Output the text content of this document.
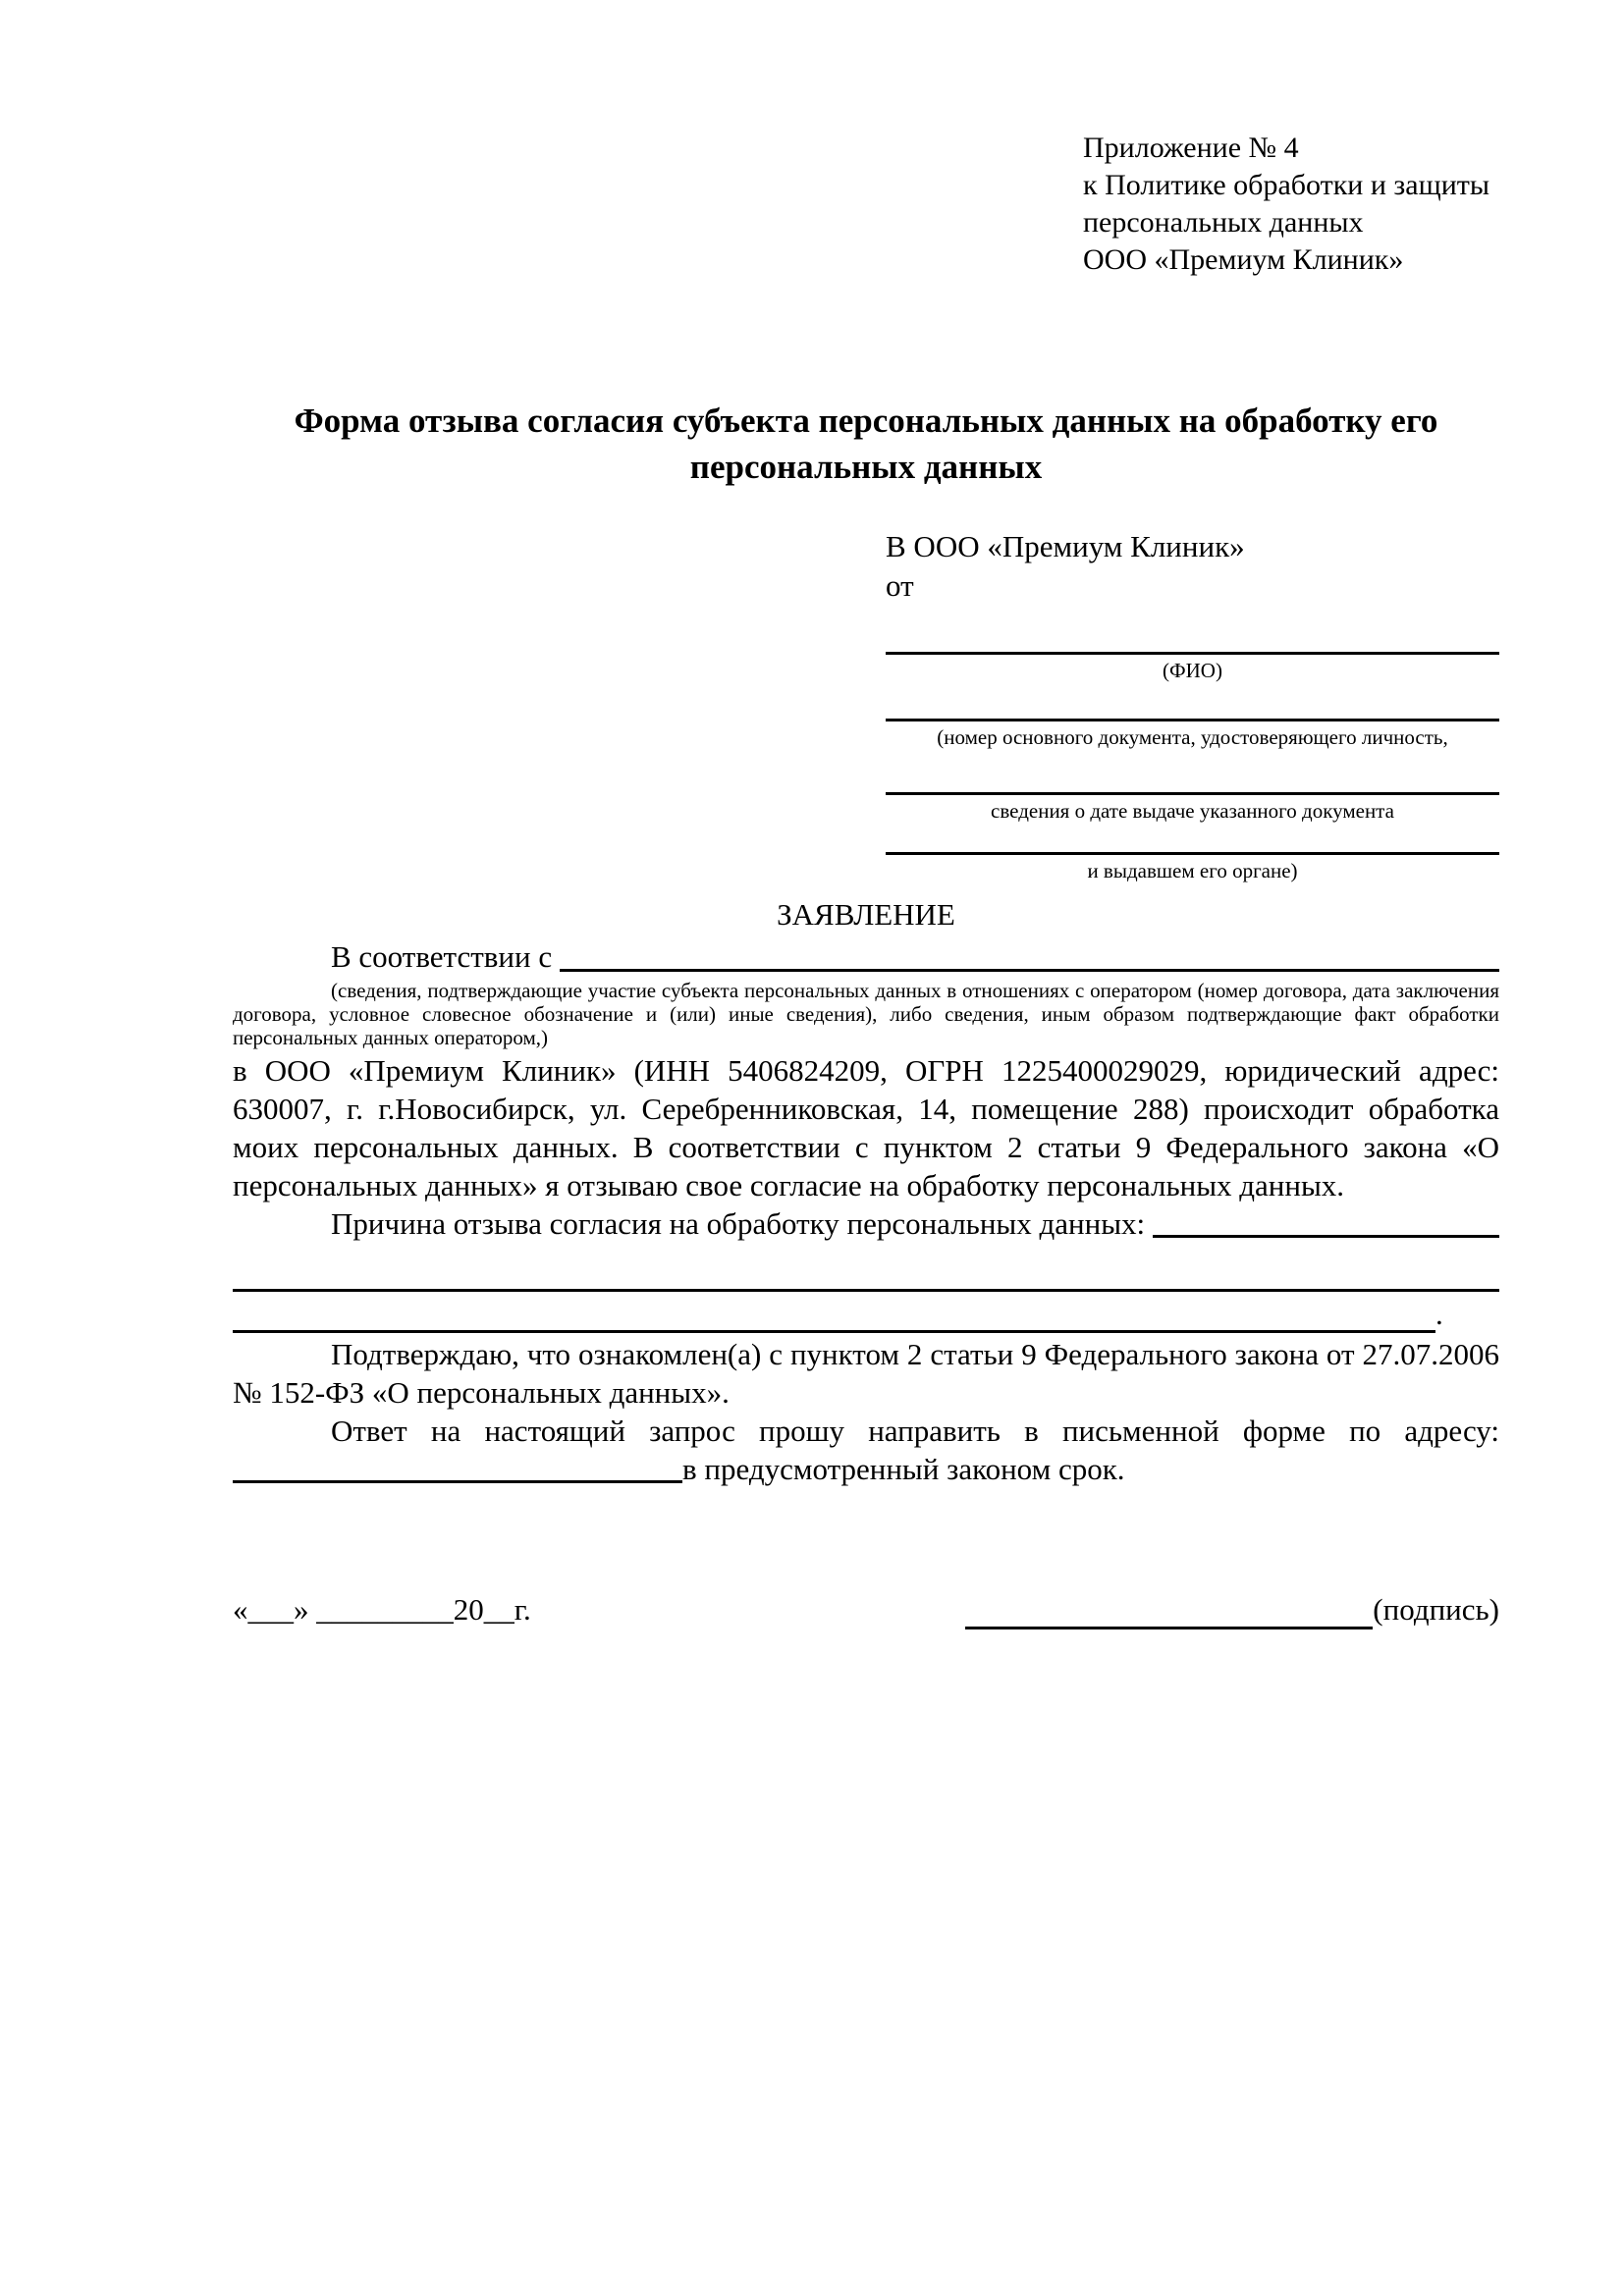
Приложение № 4
к Политике обработки и защиты
персональных данных
ООО «Премиум Клиник»
Форма отзыва согласия субъекта персональных данных на обработку его персональных данных
В ООО «Премиум Клиник»
от
(ФИО)
(номер основного документа, удостоверяющего личность,
сведения о дате выдаче указанного документа
и выдавшем его органе)
ЗАЯВЛЕНИЕ
В соответствии с
(сведения, подтверждающие участие субъекта персональных данных в отношениях с оператором (номер договора, дата заключения договора, условное словесное обозначение и (или) иные сведения), либо сведения, иным образом подтверждающие факт обработки персональных данных оператором,)

в ООО «Премиум Клиник» (ИНН 5406824209, ОГРН 1225400029029, юридический адрес: 630007, г. г.Новосибирск, ул. Серебренниковская, 14, помещение 288) происходит обработка моих персональных данных. В соответствии с пунктом 2 статьи 9 Федерального закона «О персональных данных» я отзываю свое согласие на обработку персональных данных.

Причина отзыва согласия на обработку персональных данных:
.

Подтверждаю, что ознакомлен(а) с пунктом 2 статьи 9 Федерального закона от 27.07.2006 № 152-ФЗ «О персональных данных».

Ответ на настоящий запрос прошу направить в письменной форме по адресу:

в предусмотренный законом срок.
«___» _________20__г.	(подпись)
